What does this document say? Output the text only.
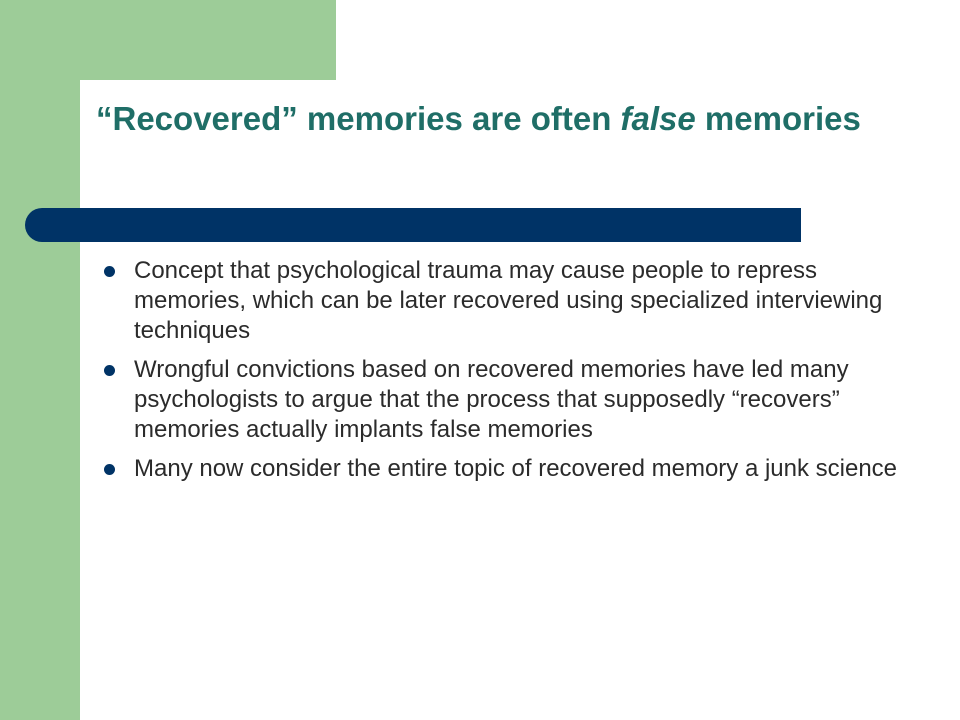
“Recovered” memories are often false memories
Concept that psychological trauma may cause people to repress memories, which can be later recovered using specialized interviewing techniques
Wrongful convictions based on recovered memories have led many psychologists to argue that the process that supposedly “recovers” memories actually implants false memories
Many now consider the entire topic of recovered memory a junk science
